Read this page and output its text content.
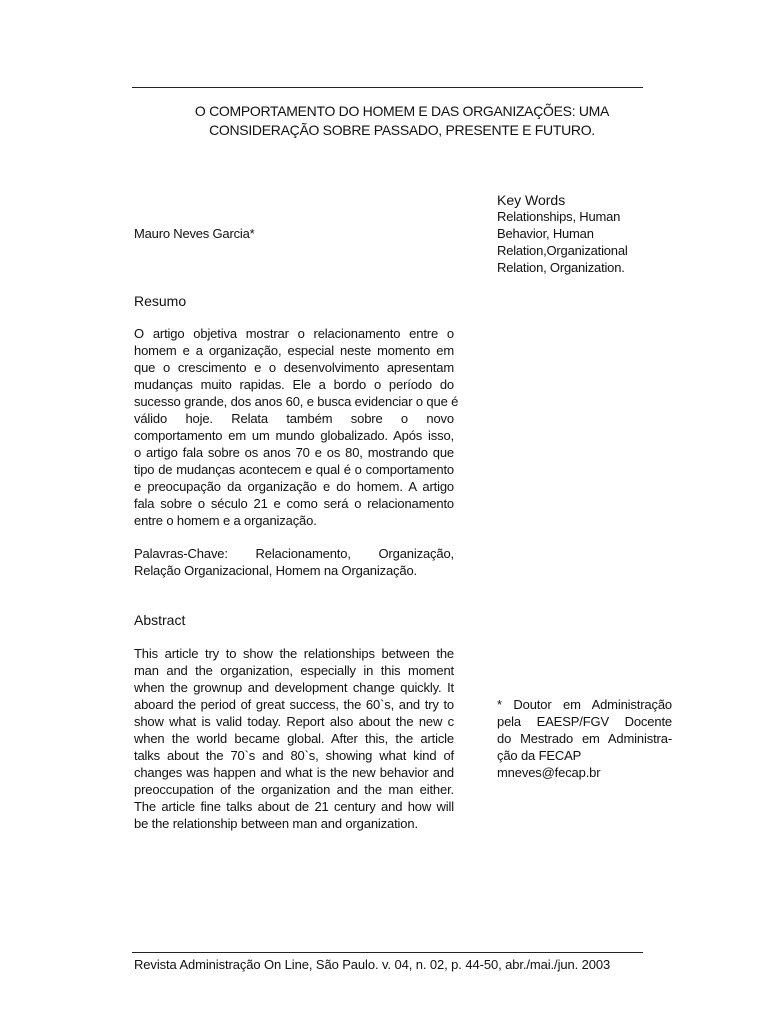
O COMPORTAMENTO DO HOMEM E DAS ORGANIZAÇÕES: UMA
CONSIDERAÇÃO SOBRE PASSADO, PRESENTE E FUTURO.
Key Words
Relationships, Human
Behavior, Human
Relation,Organizational
Relation, Organization.
Mauro Neves Garcia*
Resumo
O artigo objetiva mostrar o relacionamento entre o
homem e a organização, especial neste momento em
que o crescimento e o desenvolvimento apresentam
mudanças muito rapidas. Ele a bordo o período do
sucesso grande, dos anos 60, e busca evidenciar o que é
válido hoje. Relata também sobre o novo
comportamento em um mundo globalizado. Após isso,
o artigo fala sobre os anos 70 e os 80, mostrando que
tipo de mudanças acontecem e qual é o comportamento
e preocupação da organização e do homem. A artigo
fala sobre o século 21 e como será o relacionamento
entre o homem e a organização.
Palavras-Chave: Relacionamento, Organização,
Relação Organizacional, Homem na Organização.
Abstract
This article try to show the relationships between the
man and the organization, especially in this moment
when the grownup and development change quickly. It
aboard the period of great success, the 60`s, and try to
show what is valid today. Report also about the new c
when the world became global. After this, the article
talks about the 70`s and 80`s, showing what kind of
changes was happen and what is the new behavior and
preoccupation of the organization and the man either.
The article fine talks about de 21 century and how will
be the relationship between man and organization.
* Doutor em Administração
pela EAESP/FGV Docente
do Mestrado em Administra-
ção da FECAP
mneves@fecap.br
Revista Administração On Line, São Paulo. v. 04, n. 02, p. 44-50, abr./mai./jun. 2003
